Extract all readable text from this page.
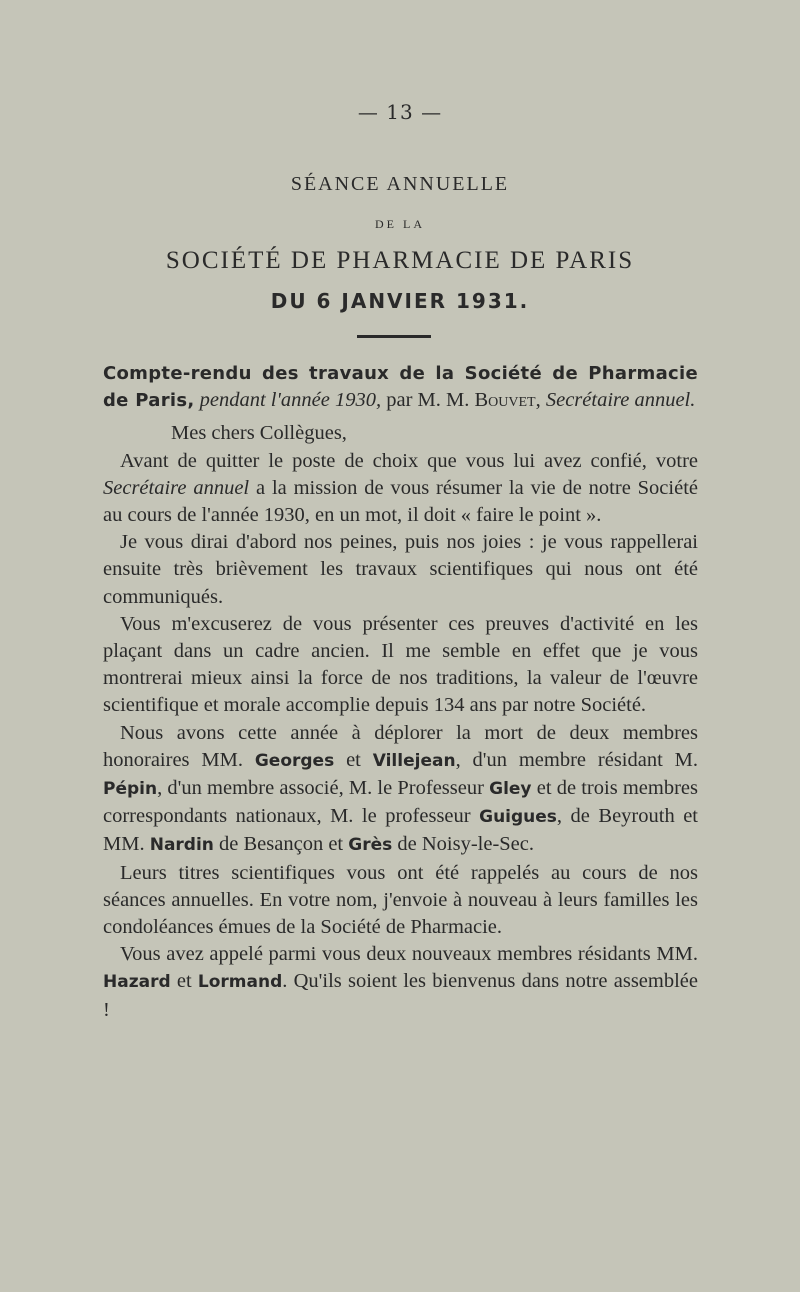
— 13 —
SÉANCE ANNUELLE
DE LA
SOCIÉTÉ DE PHARMACIE DE PARIS
DU 6 JANVIER 1931.

Compte-rendu des travaux de la Société de Pharmacie de Paris, pendant l'année 1930, par M. M. Bouvet, Secrétaire annuel.

Mes chers Collègues,

Avant de quitter le poste de choix que vous lui avez confié, votre Secrétaire annuel a la mission de vous résumer la vie de notre Société au cours de l'année 1930, en un mot, il doit « faire le point ».

Je vous dirai d'abord nos peines, puis nos joies : je vous rappellerai ensuite très brièvement les travaux scientifiques qui nous ont été communiqués.

Vous m'excuserez de vous présenter ces preuves d'activité en les plaçant dans un cadre ancien. Il me semble en effet que je vous montrerai mieux ainsi la force de nos traditions, la valeur de l'œuvre scientifique et morale accomplie depuis 134 ans par notre Société.

Nous avons cette année à déplorer la mort de deux membres honoraires MM. Georges et Villejean, d'un membre résidant M. Pépin, d'un membre associé, M. le Professeur Gley et de trois membres correspondants nationaux, M. le professeur Guigues, de Beyrouth et MM. Nardin de Besançon et Grès de Noisy-le-Sec.

Leurs titres scientifiques vous ont été rappelés au cours de nos séances annuelles. En votre nom, j'envoie à nouveau à leurs familles les condoléances émues de la Société de Pharmacie.

Vous avez appelé parmi vous deux nouveaux membres résidants MM. Hazard et Lormand. Qu'ils soient les bienvenus dans notre assemblée !
